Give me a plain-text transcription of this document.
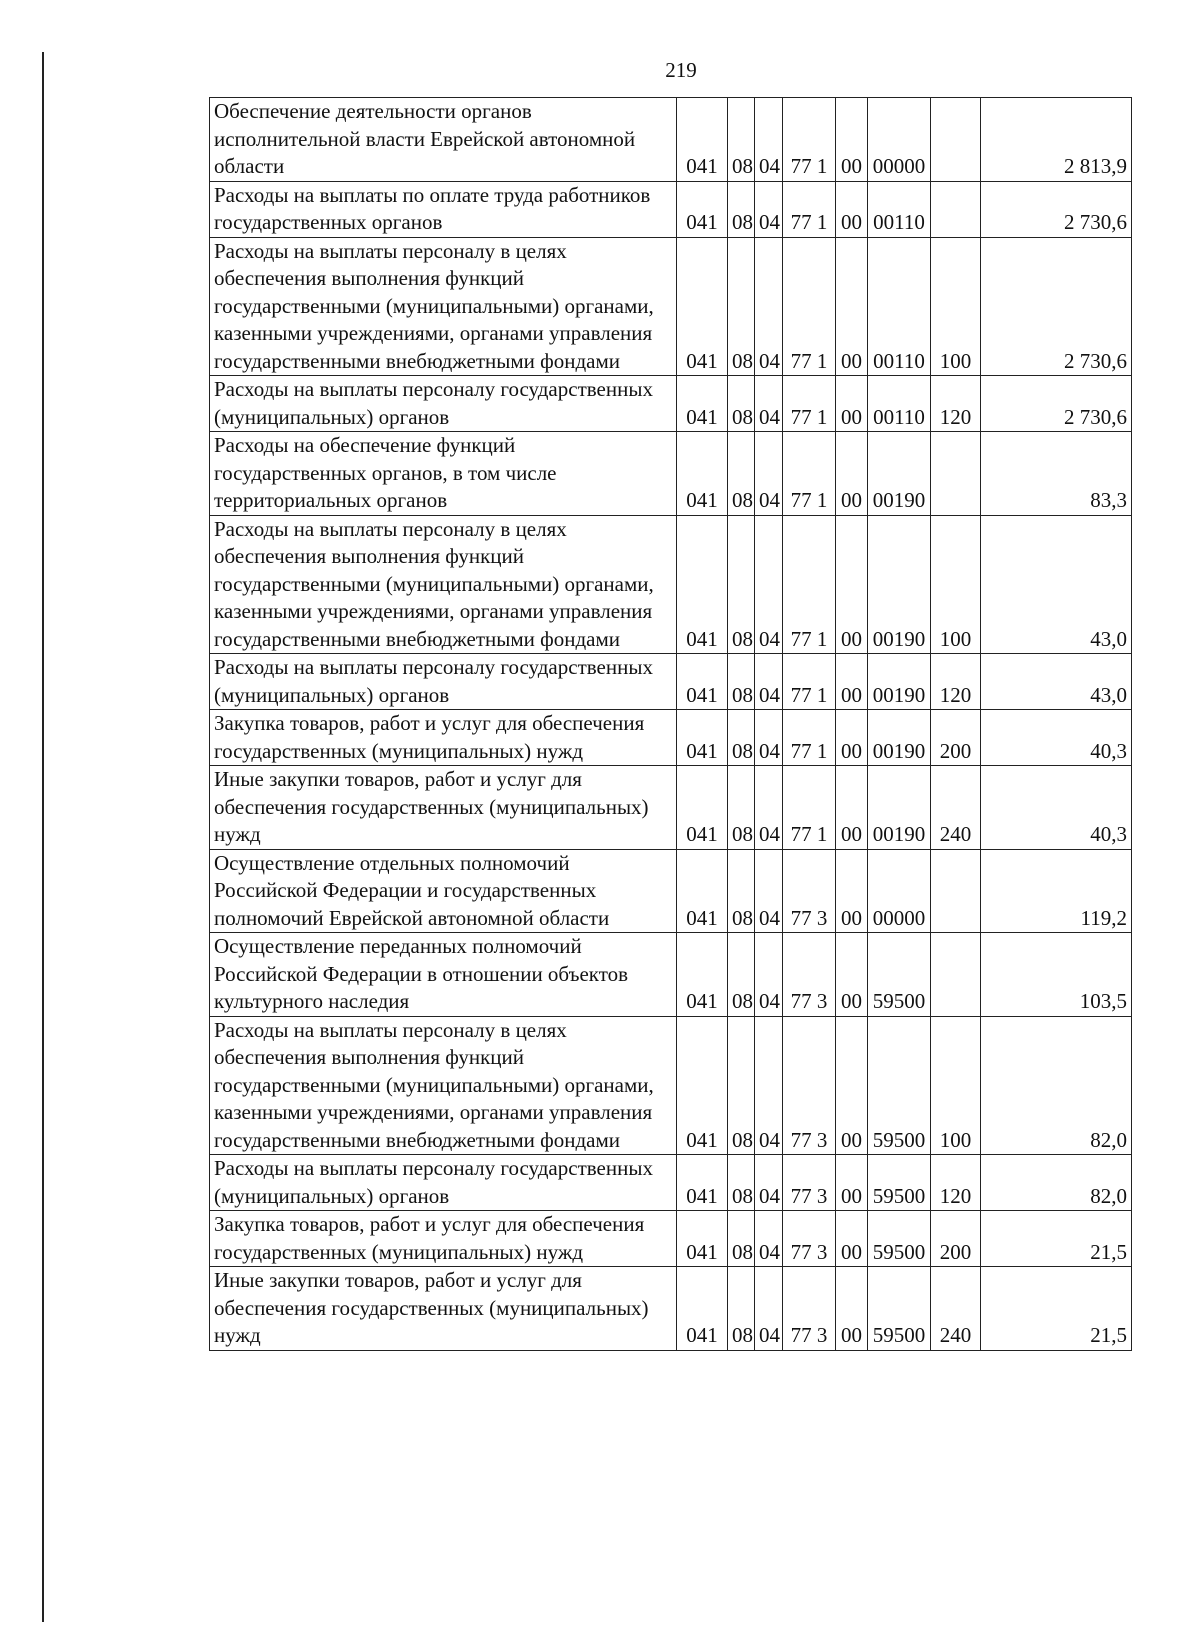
219
Обеспечение деятельности органов исполнительной власти Еврейской автономной области	041	08	04	77 1	00	00000		2 813,9
Расходы на выплаты по оплате труда работников государственных органов	041	08	04	77 1	00	00110		2 730,6
Расходы на выплаты персоналу в целях обеспечения выполнения функций государственными (муниципальными) органами, казенными учреждениями, органами управления государственными внебюджетными фондами	041	08	04	77 1	00	00110	100	2 730,6
Расходы на выплаты персоналу государственных (муниципальных) органов	041	08	04	77 1	00	00110	120	2 730,6
Расходы на обеспечение функций государственных органов, в том числе территориальных органов	041	08	04	77 1	00	00190		83,3
Расходы на выплаты персоналу в целях обеспечения выполнения функций государственными (муниципальными) органами, казенными учреждениями, органами управления государственными внебюджетными фондами	041	08	04	77 1	00	00190	100	43,0
Расходы на выплаты персоналу государственных (муниципальных) органов	041	08	04	77 1	00	00190	120	43,0
Закупка товаров, работ и услуг для обеспечения государственных (муниципальных) нужд	041	08	04	77 1	00	00190	200	40,3
Иные закупки товаров, работ и услуг для обеспечения государственных (муниципальных) нужд	041	08	04	77 1	00	00190	240	40,3
Осуществление отдельных полномочий Российской Федерации и государственных полномочий Еврейской автономной области	041	08	04	77 3	00	00000		119,2
Осуществление переданных полномочий Российской Федерации в отношении объектов культурного наследия	041	08	04	77 3	00	59500		103,5
Расходы на выплаты персоналу в целях обеспечения выполнения функций государственными (муниципальными) органами, казенными учреждениями, органами управления государственными внебюджетными фондами	041	08	04	77 3	00	59500	100	82,0
Расходы на выплаты персоналу государственных (муниципальных) органов	041	08	04	77 3	00	59500	120	82,0
Закупка товаров, работ и услуг для обеспечения государственных (муниципальных) нужд	041	08	04	77 3	00	59500	200	21,5
Иные закупки товаров, работ и услуг для обеспечения государственных (муниципальных) нужд	041	08	04	77 3	00	59500	240	21,5
